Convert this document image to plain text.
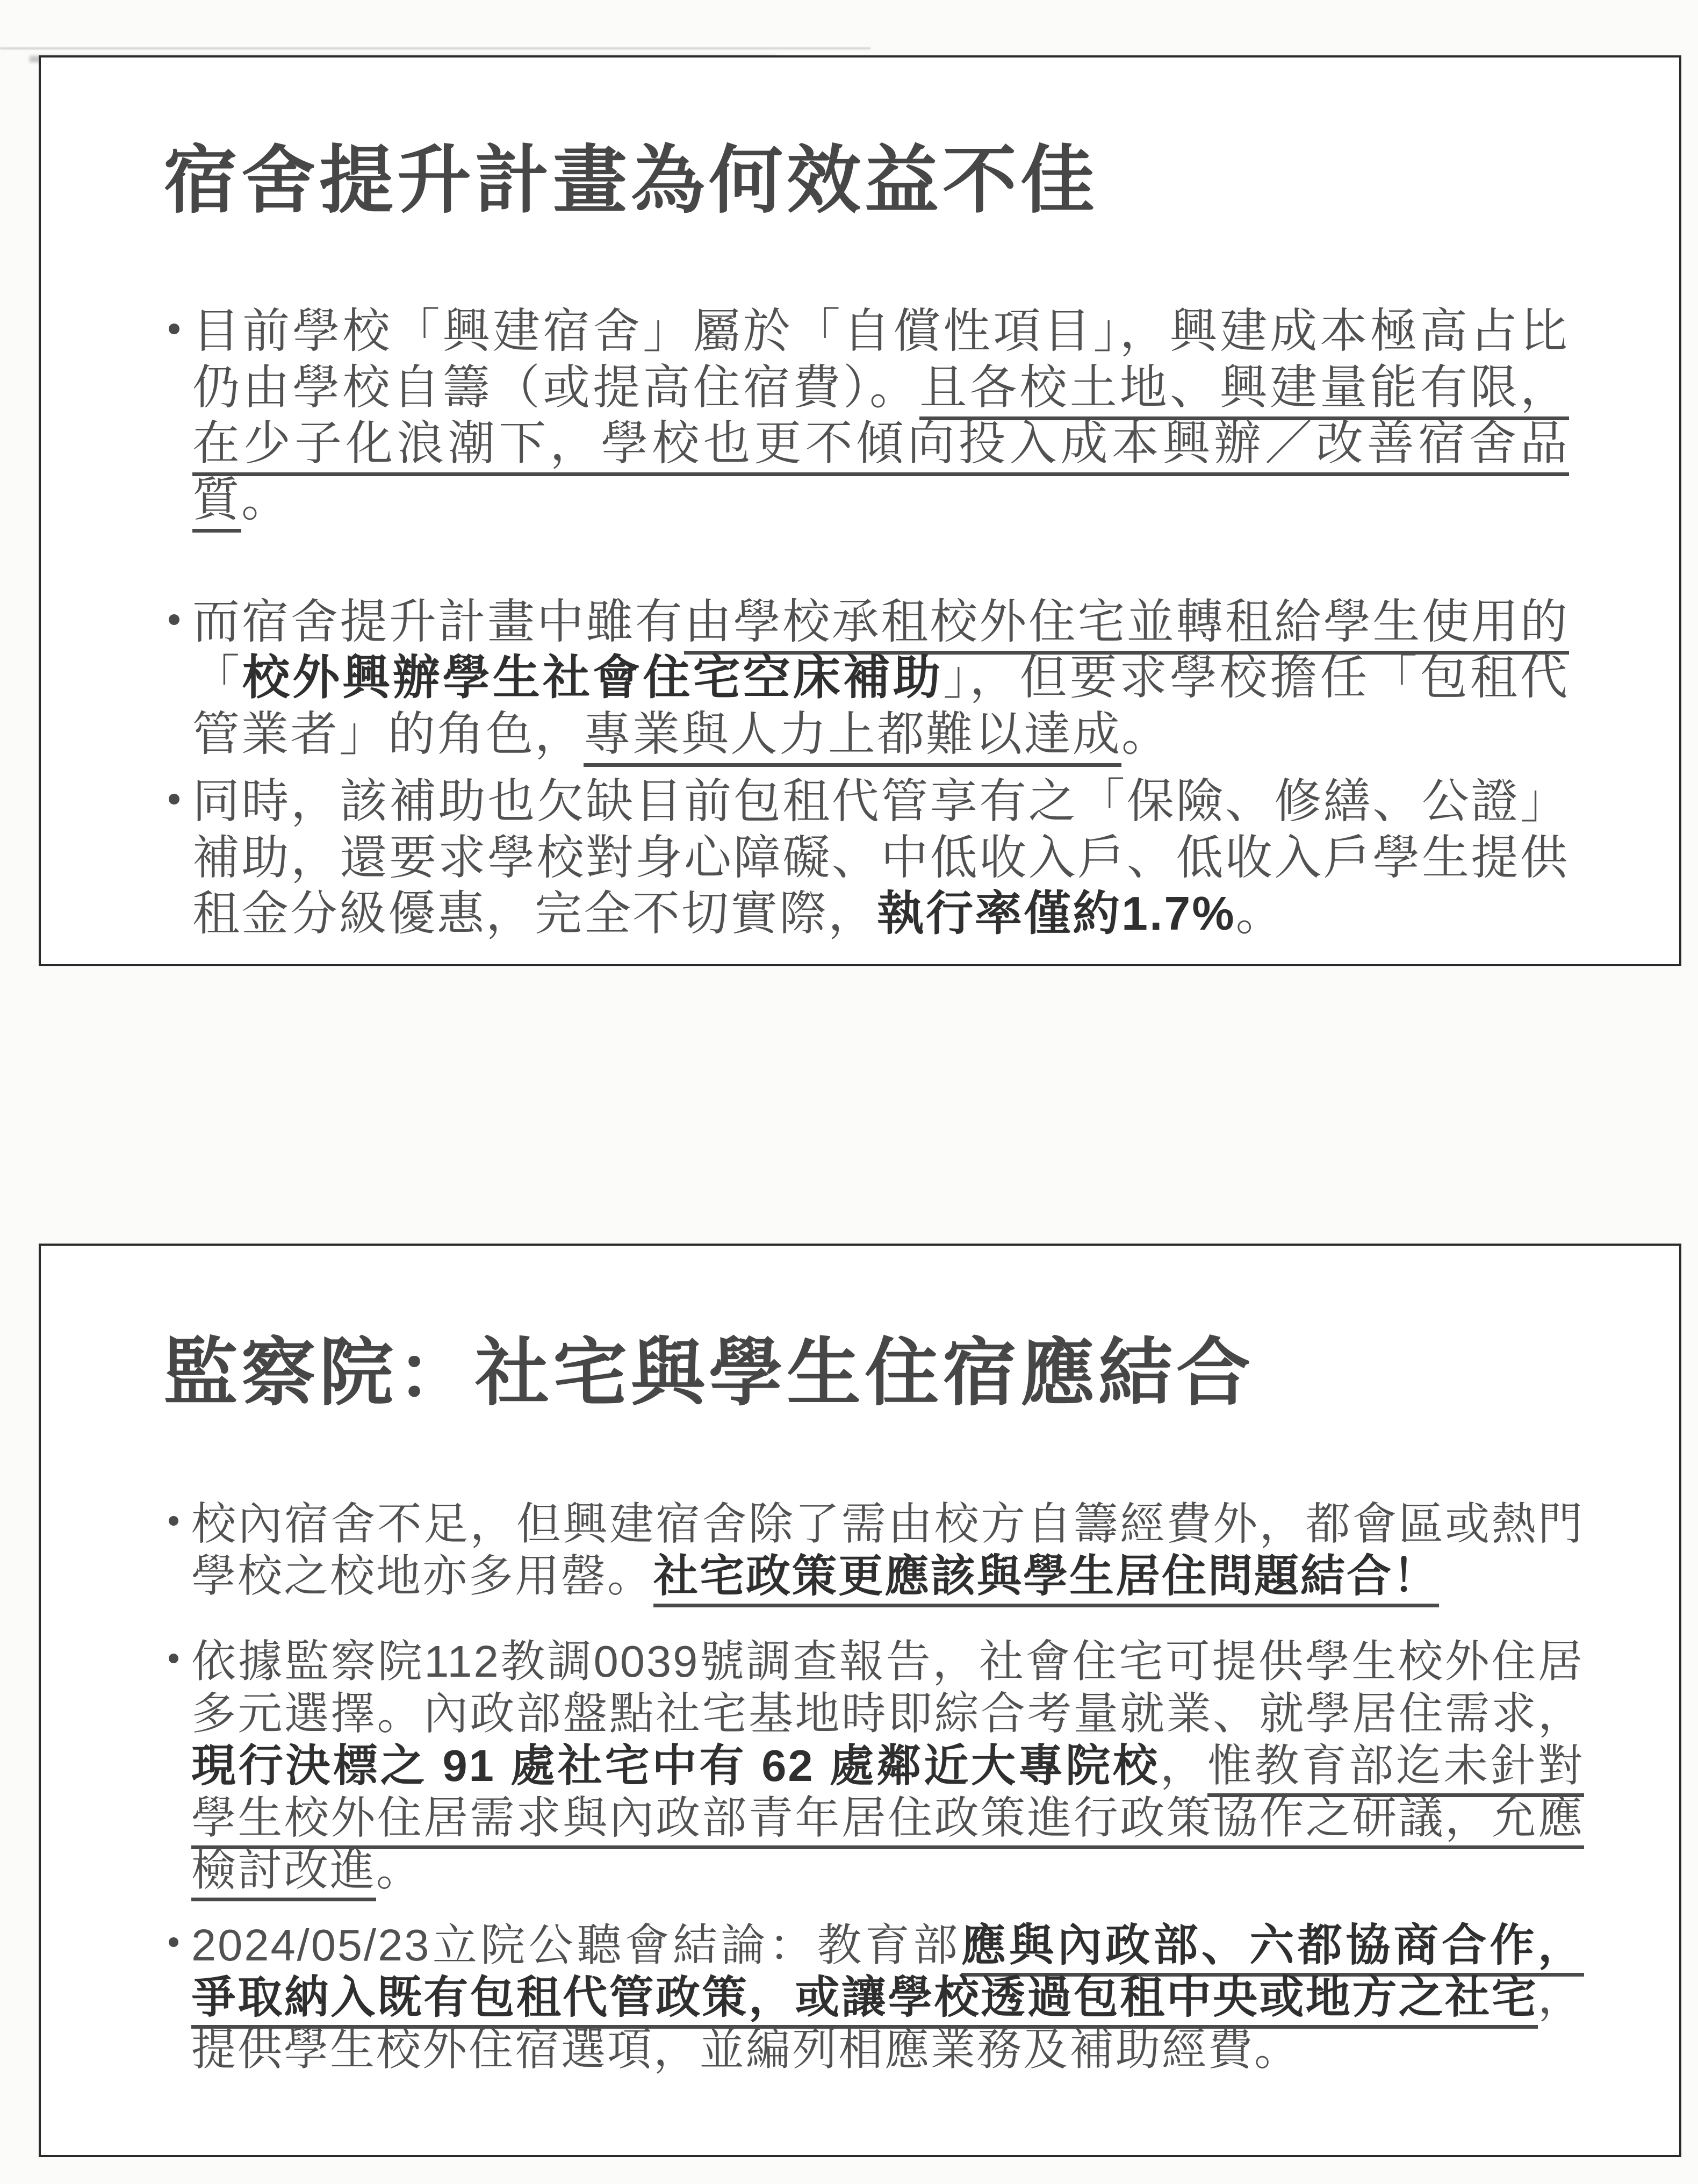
宿舍提升計畫為何效益不佳

目前學校「興建宿舍」屬於「自償性項目」，興建成本極高占比仍由學校自籌（或提高住宿費）。且各校土地、興建量能有限，在少子化浪潮下，學校也更不傾向投入成本興辦／改善宿舍品質。

而宿舍提升計畫中雖有由學校承租校外住宅並轉租給學生使用的「校外興辦學生社會住宅空床補助」，但要求學校擔任「包租代管業者」的角色，專業與人力上都難以達成。

同時，該補助也欠缺目前包租代管享有之「保險、修繕、公證」補助，還要求學校對身心障礙、中低收入戶、低收入戶學生提供租金分級優惠，完全不切實際，執行率僅約1.7%。

監察院：社宅與學生住宿應結合

校內宿舍不足，但興建宿舍除了需由校方自籌經費外，都會區或熱門學校之校地亦多用罄。社宅政策更應該與學生居住問題結合！

依據監察院112教調0039號調查報告，社會住宅可提供學生校外住居多元選擇。內政部盤點社宅基地時即綜合考量就業、就學居住需求，現行決標之 91 處社宅中有 62 處鄰近大專院校，惟教育部迄未針對學生校外住居需求與內政部青年居住政策進行政策協作之研議，允應檢討改進。

2024/05/23立院公聽會結論：教育部應與內政部、六都協商合作，爭取納入既有包租代管政策，或讓學校透過包租中央或地方之社宅，提供學生校外住宿選項，並編列相應業務及補助經費。
